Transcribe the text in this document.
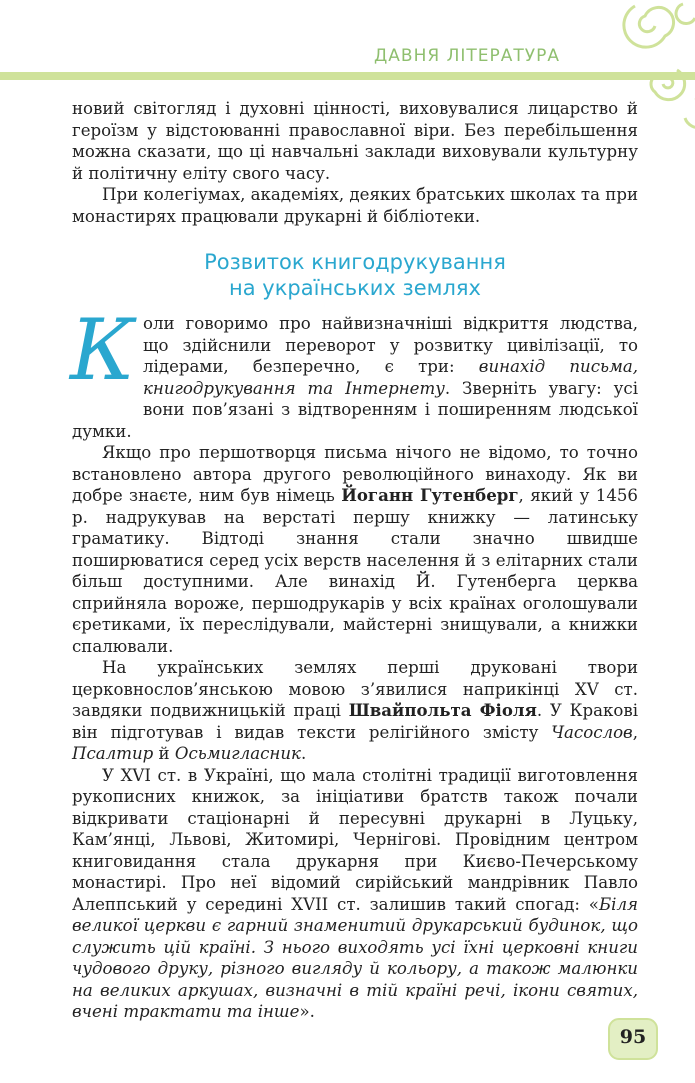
ДАВНЯ ЛІТЕРАТУРА

новий світогляд і духовні цінності, виховувалися лицарство й героїзм у відстоюванні православної віри. Без перебільшення можна сказати, що ці навчальні заклади виховували культурну й політичну еліту свого часу.

При колегіумах, академіях, деяких братських школах та при монастирях працювали друкарні й бібліотеки.

Розвиток книгодрукування
на українських землях

Коли говоримо про найвизначніші відкриття людства, що здійснили переворот у розвитку цивілізації, то лідерами, безперечно, є три: винахід письма, книгодрукування та Інтернету. Зверніть увагу: усі вони пов’язані з відтворенням і поширенням людської думки.

Якщо про першотворця письма нічого не відомо, то точно встановлено автора другого революційного винаходу. Як ви добре знаєте, ним був німець Йоганн Гутенберг, який у 1456 р. надрукував на верстаті першу книжку — латинську граматику. Відтоді знання стали значно швидше поширюватися серед усіх верств населення й з елітарних стали більш доступними. Але винахід Й. Гутенберга церква сприйняла вороже, першодрукарів у всіх країнах оголошували єретиками, їх переслідували, майстерні знищували, а книжки спалювали.

На українських землях перші друковані твори церковнослов’янською мовою з’явилися наприкінці XV ст. завдяки подвижницькій праці Швайпольта Фіоля. У Кракові він підготував і видав тексти релігійного змісту Часослов, Псалтир й Осьмигласник.

У XVI ст. в Україні, що мала столітні традиції виготовлення рукописних книжок, за ініціативи братств також почали відкривати стаціонарні й пересувні друкарні в Луцьку, Кам’янці, Львові, Житомирі, Чернігові. Провідним центром книговидання стала друкарня при Києво-Печерському монастирі. Про неї відомий сирійський мандрівник Павло Алеппський у середині XVII ст. залишив такий спогад: «Біля великої церкви є гарний знаменитий друкарський будинок, що служить цій країні. З нього виходять усі їхні церковні книги чудового друку, різного вигляду й кольору, а також малюнки на великих аркушах, визначні в тій країні речі, ікони святих, вчені трактати та інше».

95
